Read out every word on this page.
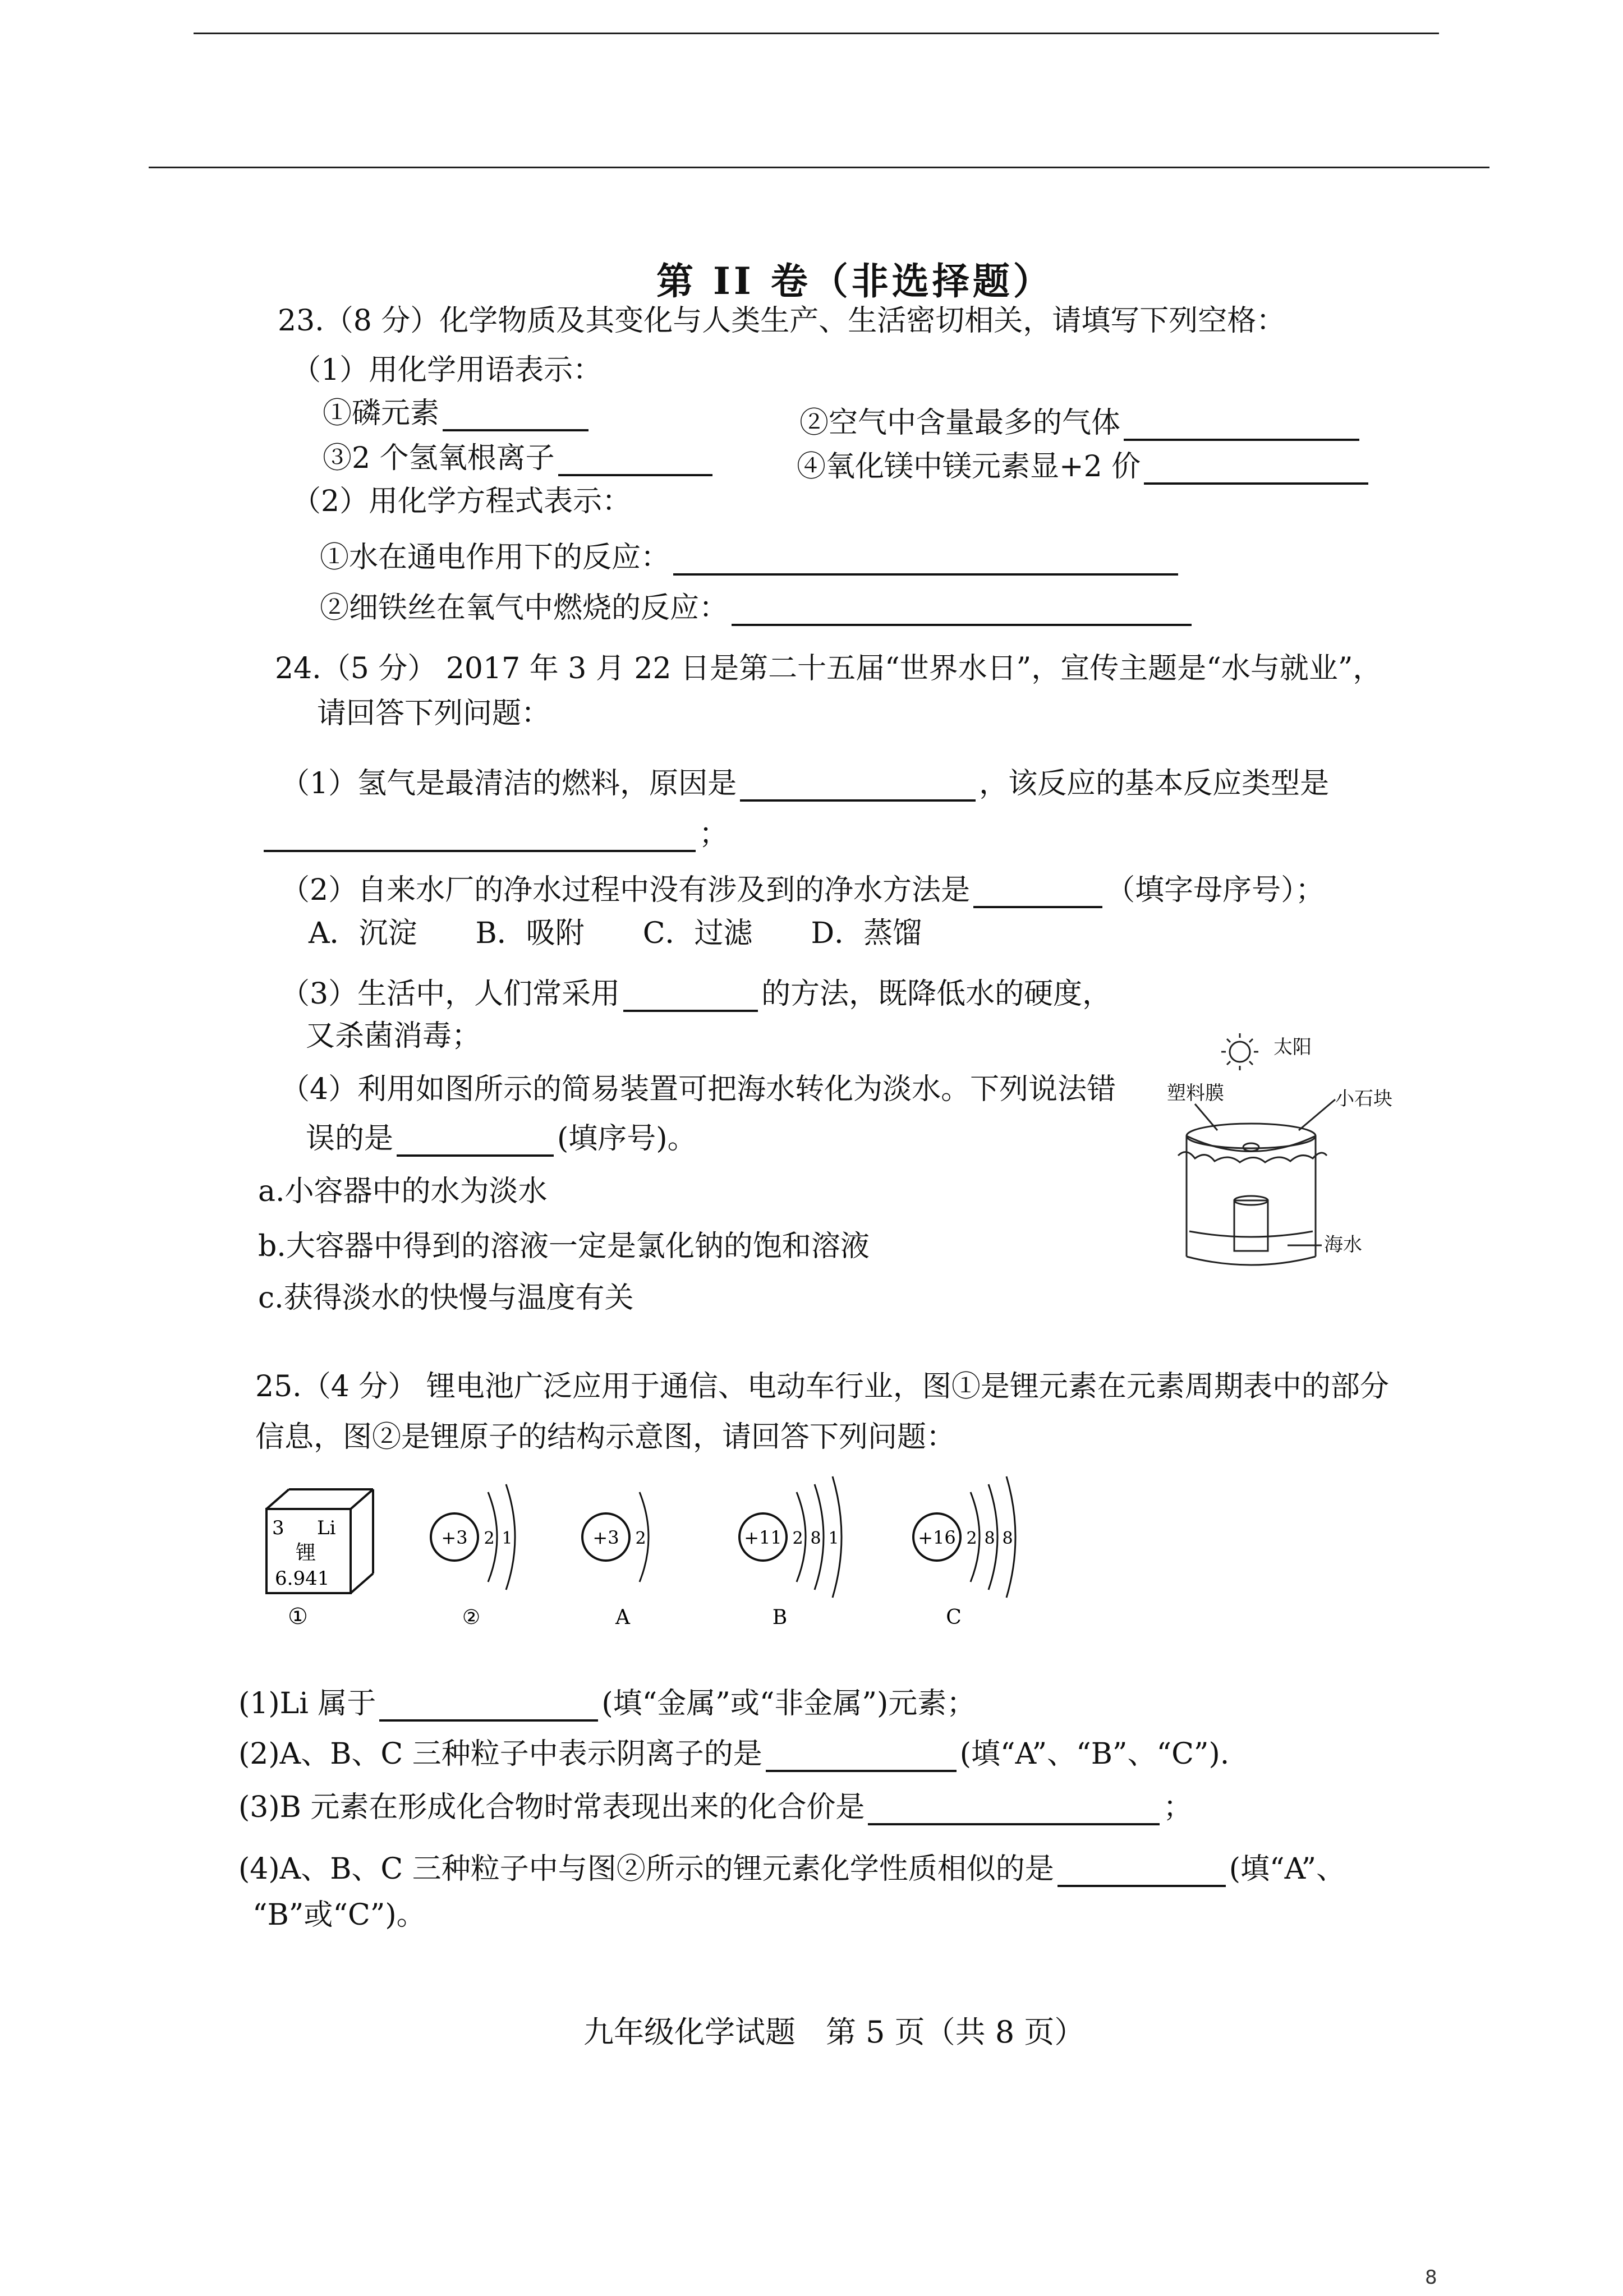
第 II 卷（非选择题）
23.（8 分）化学物质及其变化与人类生产、生活密切相关，请填写下列空格：
（1）用化学用语表示：
①磷元素	②空气中含量最多的气体
③2 个氢氧根离子	④氧化镁中镁元素显+2 价
（2）用化学方程式表示：
①水在通电作用下的反应：
②细铁丝在氧气中燃烧的反应：
24.（5 分） 2017 年 3 月 22 日是第二十五届“世界水日”，宣传主题是“水与就业”，
请回答下列问题：
（1）氢气是最清洁的燃料，原因是	，该反应的基本反应类型是
；
（2）自来水厂的净水过程中没有涉及到的净水方法是	（填字母序号）；
A．沉淀　　B．吸附　　C．过滤　　D．蒸馏
（3）生活中，人们常采用	的方法，既降低水的硬度，
又杀菌消毒；
（4）利用如图所示的简易装置可把海水转化为淡水。下列说法错
误的是	(填序号)。
a.小容器中的水为淡水
b.大容器中得到的溶液一定是氯化钠的饱和溶液
c.获得淡水的快慢与温度有关
太阳
塑料膜	小石块
海水
25.（4 分） 锂电池广泛应用于通信、电动车行业，图①是锂元素在元素周期表中的部分
信息，图②是锂原子的结构示意图，请回答下列问题：
3 Li
锂
6.941
①
+3 2 1
②
+3 2
A
+11 2 8 1
B
+16 2 8 8
C
(1)Li 属于	(填“金属”或“非金属”)元素；
(2)A、B、C 三种粒子中表示阴离子的是	(填“A”、“B”、“C”).
(3)B 元素在形成化合物时常表现出来的化合价是	；
(4)A、B、C 三种粒子中与图②所示的锂元素化学性质相似的是	(填“A”、
“B”或“C”)。
九年级化学试题　第 5 页（共 8 页）
8
